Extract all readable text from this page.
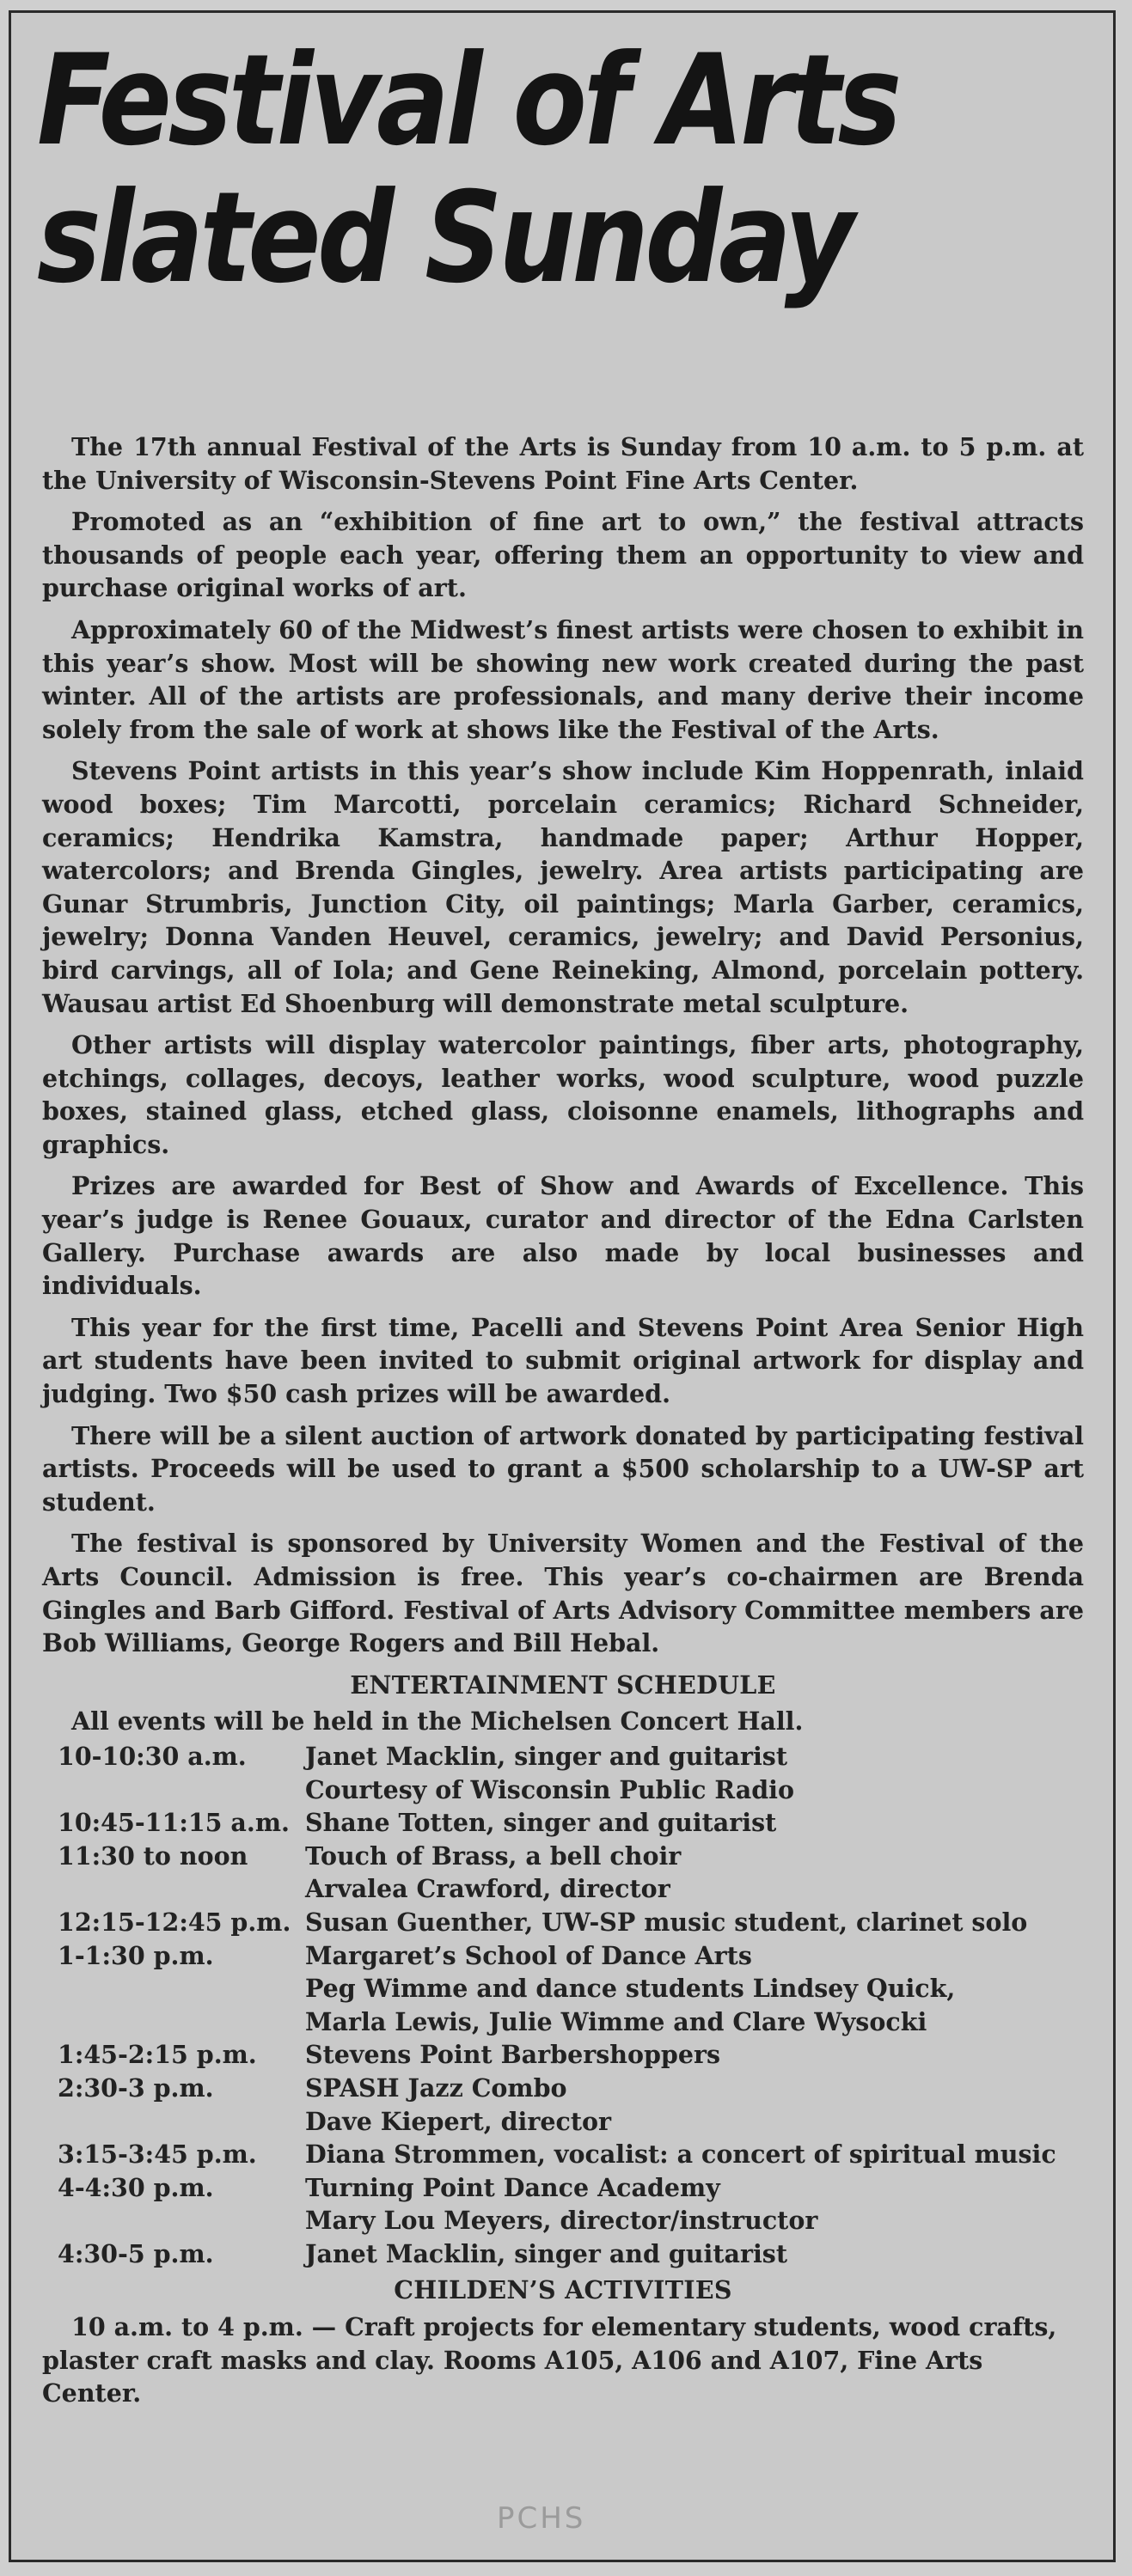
Festival of Arts
slated Sunday

The 17th annual Festival of the Arts is Sunday from 10 a.m. to 5 p.m. at the University of Wisconsin-Stevens Point Fine Arts Center.

Promoted as an “exhibition of fine art to own,” the festival attracts thousands of people each year, offering them an opportunity to view and purchase original works of art.

Approximately 60 of the Midwest’s finest artists were chosen to exhibit in this year’s show. Most will be showing new work created during the past winter. All of the artists are professionals, and many derive their income solely from the sale of work at shows like the Festival of the Arts.

Stevens Point artists in this year’s show include Kim Hoppenrath, inlaid wood boxes; Tim Marcotti, porcelain ceramics; Richard Schneider, ceramics; Hendrika Kamstra, handmade paper; Arthur Hopper, watercolors; and Brenda Gingles, jewelry. Area artists participating are Gunar Strumbris, Junction City, oil paintings; Marla Garber, ceramics, jewelry; Donna Vanden Heuvel, ceramics, jewelry; and David Personius, bird carvings, all of Iola; and Gene Reineking, Almond, porcelain pottery. Wausau artist Ed Shoenburg will demonstrate metal sculpture.

Other artists will display watercolor paintings, fiber arts, photography, etchings, collages, decoys, leather works, wood sculpture, wood puzzle boxes, stained glass, etched glass, cloisonne enamels, lithographs and graphics.

Prizes are awarded for Best of Show and Awards of Excellence. This year’s judge is Renee Gouaux, curator and director of the Edna Carlsten Gallery. Purchase awards are also made by local businesses and individuals.

This year for the first time, Pacelli and Stevens Point Area Senior High art students have been invited to submit original artwork for display and judging. Two $50 cash prizes will be awarded.

There will be a silent auction of artwork donated by participating festival artists. Proceeds will be used to grant a $500 scholarship to a UW-SP art student.

The festival is sponsored by University Women and the Festival of the Arts Council. Admission is free. This year’s co-chairmen are Brenda Gingles and Barb Gifford. Festival of Arts Advisory Committee members are Bob Williams, George Rogers and Bill Hebal.

ENTERTAINMENT SCHEDULE
All events will be held in the Michelsen Concert Hall.
10-10:30 a.m.	Janet Macklin, singer and guitarist
Courtesy of Wisconsin Public Radio
10:45-11:15 a.m. Shane Totten, singer and guitarist
11:30 to noon	Touch of Brass, a bell choir
Arvalea Crawford, director
12:15-12:45 p.m. Susan Guenther, UW-SP music student, clarinet solo
1-1:30 p.m.	Margaret’s School of Dance Arts
Peg Wimme and dance students Lindsey Quick,
Marla Lewis, Julie Wimme and Clare Wysocki
1:45-2:15 p.m.	Stevens Point Barbershoppers
2:30-3 p.m.	SPASH Jazz Combo
Dave Kiepert, director
3:15-3:45 p.m.	Diana Strommen, vocalist: a concert of spiritual music
4-4:30 p.m.	Turning Point Dance Academy
Mary Lou Meyers, director/instructor
4:30-5 p.m.	Janet Macklin, singer and guitarist
CHILDEN’S ACTIVITIES
10 a.m. to 4 p.m. — Craft projects for elementary students, wood crafts, plaster craft masks and clay. Rooms A105, A106 and A107, Fine Arts Center.
PCHS
